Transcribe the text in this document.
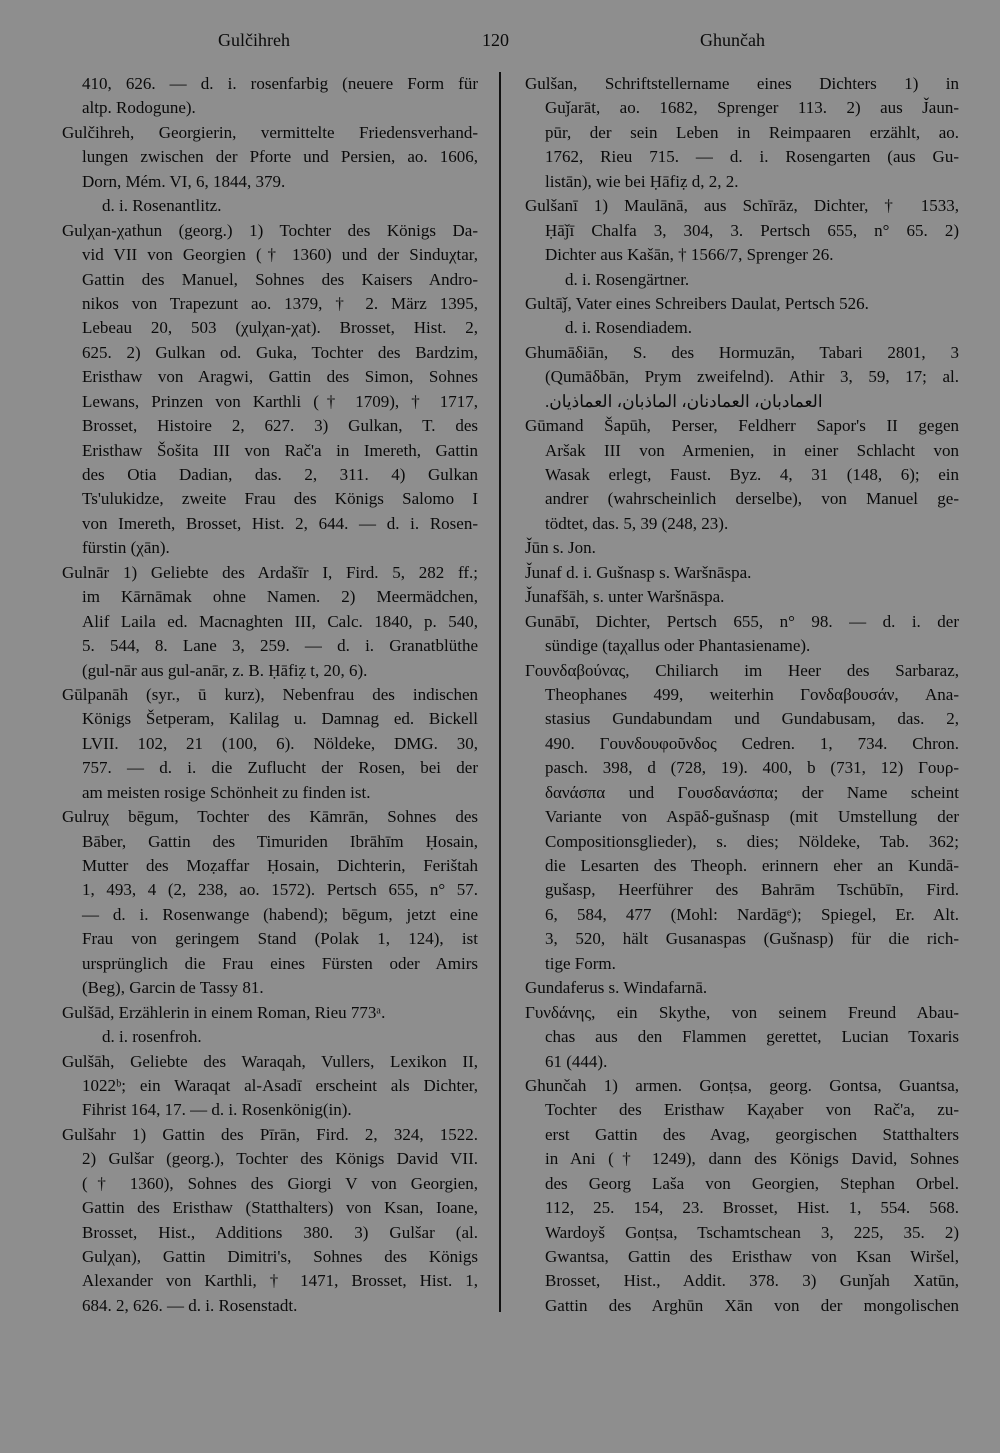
Gulčihreh	120	Ghunčah
410, 626. — d. i. rosenfarbig (neuere Form für
altp. Rodogune).
Gulčihreh, Georgierin, vermittelte Friedensverhand-
lungen zwischen der Pforte und Persien, ao. 1606,
Dorn, Mém. VI, 6, 1844, 379.
d. i. Rosenantlitz.
Gulχan-χathun (georg.) 1) Tochter des Königs Da-
vid VII von Georgien († 1360) und der Sinduχtar,
Gattin des Manuel, Sohnes des Kaisers Andro-
nikos von Trapezunt ao. 1379, † 2. März 1395,
Lebeau 20, 503 (χulχan-χat). Brosset, Hist. 2,
625. 2) Gulkan od. Guka, Tochter des Bardzim,
Eristhaw von Aragwi, Gattin des Simon, Sohnes
Lewans, Prinzen von Karthli († 1709), † 1717,
Brosset, Histoire 2, 627. 3) Gulkan, T. des
Eristhaw Šošita III von Rač'a in Imereth, Gattin
des Otia Dadian, das. 2, 311. 4) Gulkan
Ts'ulukidze, zweite Frau des Königs Salomo I
von Imereth, Brosset, Hist. 2, 644. — d. i. Rosen-
fürstin (χān).
Gulnār 1) Geliebte des Ardašīr I, Fird. 5, 282 ff.;
im Kārnāmak ohne Namen. 2) Meermädchen,
Alif Laila ed. Macnaghten III, Calc. 1840, p. 540,
5. 544, 8. Lane 3, 259. — d. i. Granatblüthe
(gul-nār aus gul-anār, z. B. Ḥāfiẓ t, 20, 6).
Gūlpanāh (syr., ū kurz), Nebenfrau des indischen
Königs Šetperam, Kalilag u. Damnag ed. Bickell
LVII. 102, 21 (100, 6). Nöldeke, DMG. 30,
757. — d. i. die Zuflucht der Rosen, bei der
am meisten rosige Schönheit zu finden ist.
Gulruχ bēgum, Tochter des Kāmrān, Sohnes des
Bāber, Gattin des Timuriden Ibrāhīm Ḥosain,
Mutter des Moẓaffar Ḥosain, Dichterin, Ferištah
1, 493, 4 (2, 238, ao. 1572). Pertsch 655, n° 57.
— d. i. Rosenwange (habend); bēgum, jetzt eine
Frau von geringem Stand (Polak 1, 124), ist
ursprünglich die Frau eines Fürsten oder Amirs
(Beg), Garcin de Tassy 81.
Gulšād, Erzählerin in einem Roman, Rieu 773ᵃ.
d. i. rosenfroh.
Gulšāh, Geliebte des Waraqah, Vullers, Lexikon II,
1022ᵇ; ein Waraqat al-Asadī erscheint als Dichter,
Fihrist 164, 17. — d. i. Rosenkönig(in).
Gulšahr 1) Gattin des Pīrān, Fird. 2, 324, 1522.
2) Gulšar (georg.), Tochter des Königs David VII.
(† 1360), Sohnes des Giorgi V von Georgien,
Gattin des Eristhaw (Statthalters) von Ksan, Ioane,
Brosset, Hist., Additions 380. 3) Gulšar (al.
Gulχan), Gattin Dimitri's, Sohnes des Königs
Alexander von Karthli, † 1471, Brosset, Hist. 1,
684. 2, 626. — d. i. Rosenstadt.
Gulšan, Schriftstellername eines Dichters 1) in
Guǰarāt, ao. 1682, Sprenger 113. 2) aus J̌aun-
pūr, der sein Leben in Reimpaaren erzählt, ao.
1762, Rieu 715. — d. i. Rosengarten (aus Gu-
listān), wie bei Ḥāfiẓ d, 2, 2.
Gulšanī 1) Maulānā, aus Schīrāz, Dichter, † 1533,
Ḥāǰī Chalfa 3, 304, 3. Pertsch 655, n° 65. 2)
Dichter aus Kašān, † 1566/7, Sprenger 26.
d. i. Rosengärtner.
Gultāǰ, Vater eines Schreibers Daulat, Pertsch 526.
d. i. Rosendiadem.
Ghumāδiān, S. des Hormuzān, Tabari 2801, 3
(Qumāδbān, Prym zweifelnd). Athir 3, 59, 17; al.
العمادبان، العمادنان، الماذبان، العماذيان.
Gūmand Šapūh, Perser, Feldherr Sapor's II gegen
Aršak III von Armenien, in einer Schlacht von
Wasak erlegt, Faust. Byz. 4, 31 (148, 6); ein
andrer (wahrscheinlich derselbe), von Manuel ge-
tödtet, das. 5, 39 (248, 23).
J̌ūn s. Jon.
J̌unaf d. i. Gušnasp s. Waršnāspa.
J̌unafšāh, s. unter Waršnāspa.
Gunābī, Dichter, Pertsch 655, n° 98. — d. i. der
sündige (taχallus oder Phantasiename).
Γουνδαβούνας, Chiliarch im Heer des Sarbaraz,
Theophanes 499, weiterhin Γονδαβουσάν, Ana-
stasius Gundabundam und Gundabusam, das. 2,
490. Γουνδουφοῦνδος Cedren. 1, 734. Chron.
pasch. 398, d (728, 19). 400, b (731, 12) Γουρ-
δανάσπα und Γουσδανάσπα; der Name scheint
Variante von Aspāδ-gušnasp (mit Umstellung der
Compositionsglieder), s. dies; Nöldeke, Tab. 362;
die Lesarten des Theoph. erinnern eher an Kundā-
gušasp, Heerführer des Bahrām Tschūbīn, Fird.
6, 584, 477 (Mohl: Nardāgᵉ); Spiegel, Er. Alt.
3, 520, hält Gusanaspas (Gušnasp) für die rich-
tige Form.
Gundaferus s. Windafarnā.
Γυνδάνης, ein Skythe, von seinem Freund Abau-
chas aus den Flammen gerettet, Lucian Toxaris
61 (444).
Ghunčah 1) armen. Gonṭsa, georg. Gontsa, Guantsa,
Tochter des Eristhaw Kaχaber von Rač'a, zu-
erst Gattin des Avag, georgischen Statthalters
in Ani († 1249), dann des Königs David, Sohnes
des Georg Laša von Georgien, Stephan Orbel.
112, 25. 154, 23. Brosset, Hist. 1, 554. 568.
Wardoyš Gonṭsa, Tschamtschean 3, 225, 35. 2)
Gwantsa, Gattin des Eristhaw von Ksan Wiršel,
Brosset, Hist., Addit. 378. 3) Gunǰah Xatūn,
Gattin des Arghūn Xān von der mongolischen
